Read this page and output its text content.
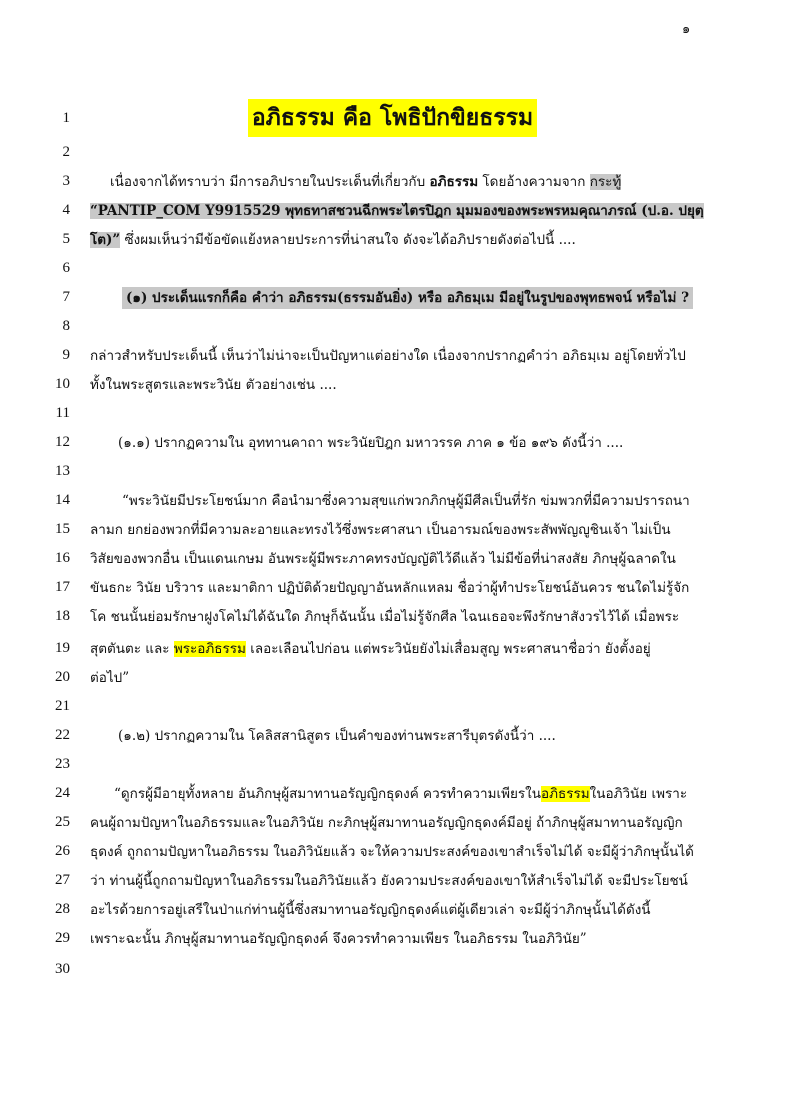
๑
1	อภิธรรม คือ โพธิปักขิยธรรม
2
3	เนื่องจากได้ทราบว่า มีการอภิปรายในประเด็นที่เกี่ยวกับ อภิธรรม โดยอ้างความจาก กระทู้
4 “PANTIP_COM Y9915529 พุทธทาสชวนฉีกพระไตรปิฎก มุมมองของพระพรหมคุณาภรณ์ (ป.อ. ปยุตฺ
5 โต)” ซึ่งผมเห็นว่ามีข้อขัดแย้งหลายประการที่น่าสนใจ ดังจะได้อภิปรายดังต่อไปนี้ ....
6
7	(๑) ประเด็นแรกก็คือ คำว่า อภิธรรม(ธรรมอันยิ่ง) หรือ อภิธมฺเม มีอยู่ในรูปของพุทธพจน์ หรือไม่ ?
8
9 กล่าวสำหรับประเด็นนี้ เห็นว่าไม่น่าจะเป็นปัญหาแต่อย่างใด เนื่องจากปรากฏคำว่า อภิธมฺเม อยู่โดยทั่วไป
10 ทั้งในพระสูตรและพระวินัย ตัวอย่างเช่น ....
11
12	(๑.๑) ปรากฏความใน อุททานคาถา พระวินัยปิฎก มหาวรรค ภาค ๑ ข้อ ๑๙๖ ดังนี้ว่า ....
13
14	“พระวินัยมีประโยชน์มาก คือนำมาซึ่งความสุขแก่พวกภิกษุผู้มีศีลเป็นที่รัก ข่มพวกที่มีความปรารถนา
15 ลามก ยกย่องพวกที่มีความละอายและทรงไว้ซึ่งพระศาสนา เป็นอารมณ์ของพระสัพพัญญูชินเจ้า ไม่เป็น
16 วิสัยของพวกอื่น เป็นแดนเกษม อันพระผู้มีพระภาคทรงบัญญัติไว้ดีแล้ว ไม่มีข้อที่น่าสงสัย ภิกษุผู้ฉลาดใน
17 ขันธกะ วินัย บริวาร และมาติกา ปฏิบัติด้วยปัญญาอันหลักแหลม ชื่อว่าผู้ทำประโยชน์อันควร ชนใดไม่รู้จัก
18 โค ชนนั้นย่อมรักษาฝูงโคไม่ได้ฉันใด ภิกษุก็ฉันนั้น เมื่อไม่รู้จักศีล ไฉนเธอจะพึงรักษาสังวรไว้ได้ เมื่อพระ
19 สุตตันตะ และ พระอภิธรรม เลอะเลือนไปก่อน แต่พระวินัยยังไม่เสื่อมสูญ พระศาสนาชื่อว่า ยังตั้งอยู่
20 ต่อไป”
21
22	(๑.๒) ปรากฏความใน โคลิสสานิสูตร เป็นคำของท่านพระสารีบุตรดังนี้ว่า ....
23
24	“ดูกรผู้มีอายุทั้งหลาย อันภิกษุผู้สมาทานอรัญญิกธุดงค์ ควรทำความเพียรในอภิธรรมในอภิวินัย เพราะ
25 คนผู้ถามปัญหาในอภิธรรมและในอภิวินัย กะภิกษุผู้สมาทานอรัญญิกธุดงค์มีอยู่ ถ้าภิกษุผู้สมาทานอรัญญิก
26 ธุดงค์ ถูกถามปัญหาในอภิธรรม ในอภิวินัยแล้ว จะให้ความประสงค์ของเขาสำเร็จไม่ได้ จะมีผู้ว่าภิกษุนั้นได้
27 ว่า ท่านผู้นี้ถูกถามปัญหาในอภิธรรมในอภิวินัยแล้ว ยังความประสงค์ของเขาให้สำเร็จไม่ได้ จะมีประโยชน์
28 อะไรด้วยการอยู่เสรีในป่าแก่ท่านผู้นี้ซึ่งสมาทานอรัญญิกธุดงค์แต่ผู้เดียวเล่า จะมีผู้ว่าภิกษุนั้นได้ดังนี้
29 เพราะฉะนั้น ภิกษุผู้สมาทานอรัญญิกธุดงค์ จึงควรทำความเพียร ในอภิธรรม ในอภิวินัย”
30
